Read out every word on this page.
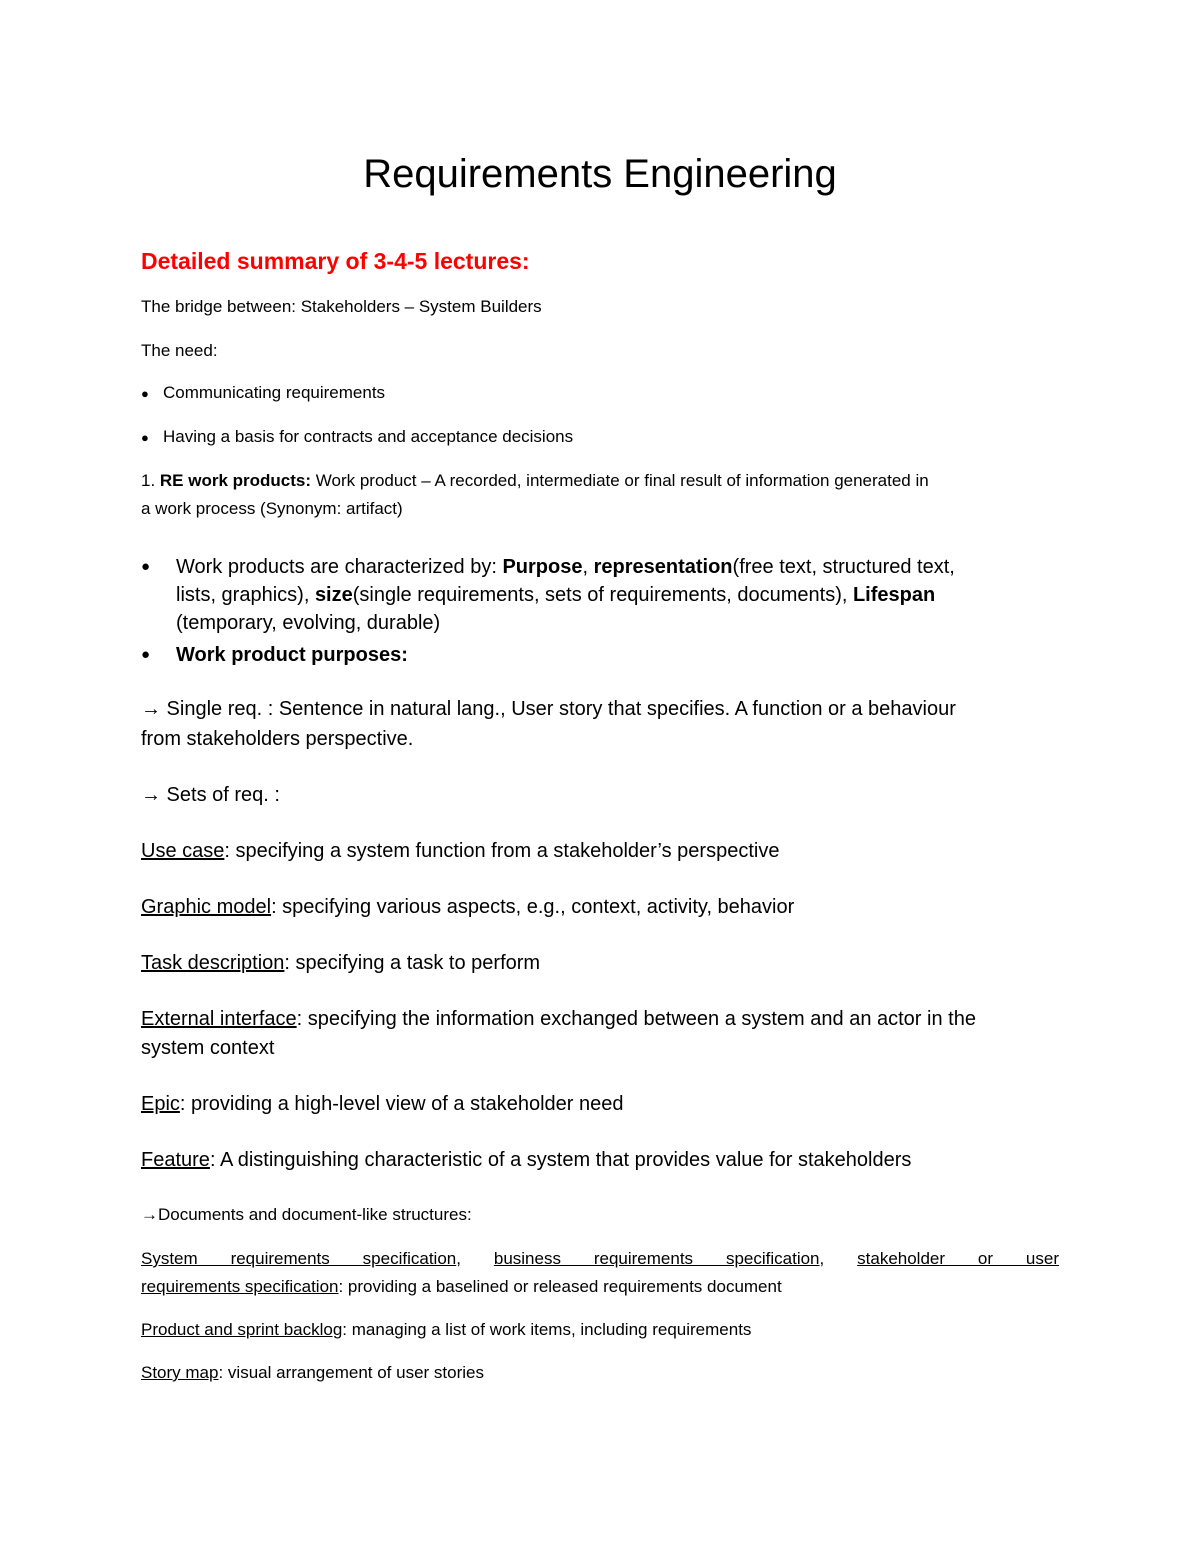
Requirements Engineering
Detailed summary of 3-4-5 lectures:
The bridge between: Stakeholders – System Builders
The need:
● Communicating requirements
● Having a basis for contracts and acceptance decisions
1. RE work products: Work product – A recorded, intermediate or final result of information generated in
a work process (Synonym: artifact)
● Work products are characterized by: Purpose, representation(free text, structured text,
lists, graphics), size(single requirements, sets of requirements, documents), Lifespan
(temporary, evolving, durable)
● Work product purposes:
→ Single req. : Sentence in natural lang., User story that specifies. A function or a behaviour
from stakeholders perspective.
→ Sets of req. :
Use case: specifying a system function from a stakeholder’s perspective
Graphic model: specifying various aspects, e.g., context, activity, behavior
Task description: specifying a task to perform
External interface: specifying the information exchanged between a system and an actor in the
system context
Epic: providing a high-level view of a stakeholder need
Feature: A distinguishing characteristic of a system that provides value for stakeholders
→Documents and document-like structures:
System requirements specification, business requirements specification, stakeholder or user
requirements specification: providing a baselined or released requirements document
Product and sprint backlog: managing a list of work items, including requirements
Story map: visual arrangement of user stories
